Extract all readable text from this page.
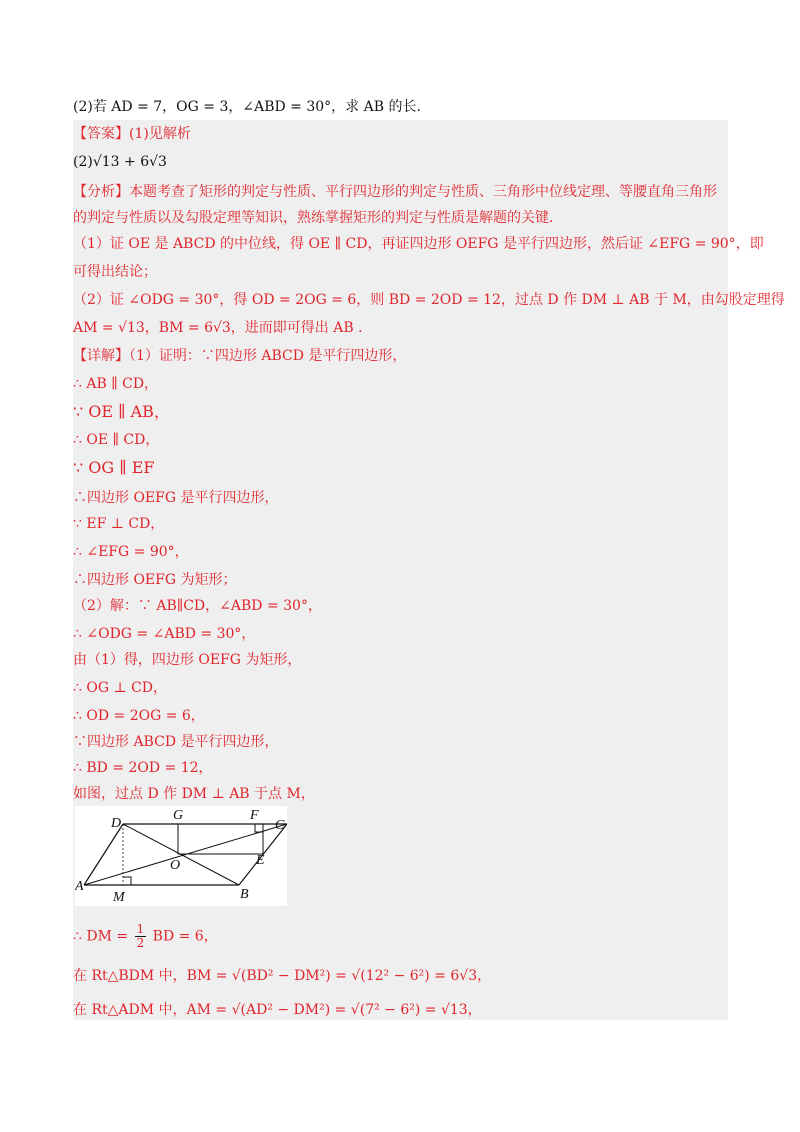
(2)若 AD = 7，OG = 3，∠ABD = 30°，求 AB 的长.
【答案】(1)见解析
(2)√13 + 6√3
【分析】本题考查了矩形的判定与性质、平行四边形的判定与性质、三角形中位线定理、等腰直角三角形
的判定与性质以及勾股定理等知识，熟练掌握矩形的判定与性质是解题的关键.
（1）证 OE 是 ABCD 的中位线，得 OE ∥ CD，再证四边形 OEFG 是平行四边形，然后证 ∠EFG = 90°，即
可得出结论；
（2）证 ∠ODG = 30°，得 OD = 2OG = 6，则 BD = 2OD = 12，过点 D 作 DM ⊥ AB 于 M，由勾股定理得
AM = √13，BM = 6√3，进而即可得出 AB .
【详解】（1）证明：∵四边形 ABCD 是平行四边形，
∴ AB ∥ CD，
∵ OE ∥ AB，
∴ OE ∥ CD，
∵ OG ∥ EF
∴四边形 OEFG 是平行四边形，
∵ EF ⊥ CD，
∴ ∠EFG = 90°，
∴四边形 OEFG 为矩形；
（2）解：∵ AB∥CD，∠ABD = 30°，
∴ ∠ODG = ∠ABD = 30°，
由（1）得，四边形 OEFG 为矩形，
∴ OG ⊥ CD，
∴ OD = 2OG = 6，
∵四边形 ABCD 是平行四边形，
∴ BD = 2OD = 12，
如图，过点 D 作 DM ⊥ AB 于点 M，
D
G	F
C
O	E
A
M	B
∴ DM = $\frac{1}{2}$ BD = 6，
在 Rt△BDM 中，BM = √(BD² − DM²) = √(12² − 6²) = 6√3，
在 Rt△ADM 中，AM = √(AD² − DM²) = √(7² − 6²) = √13，
